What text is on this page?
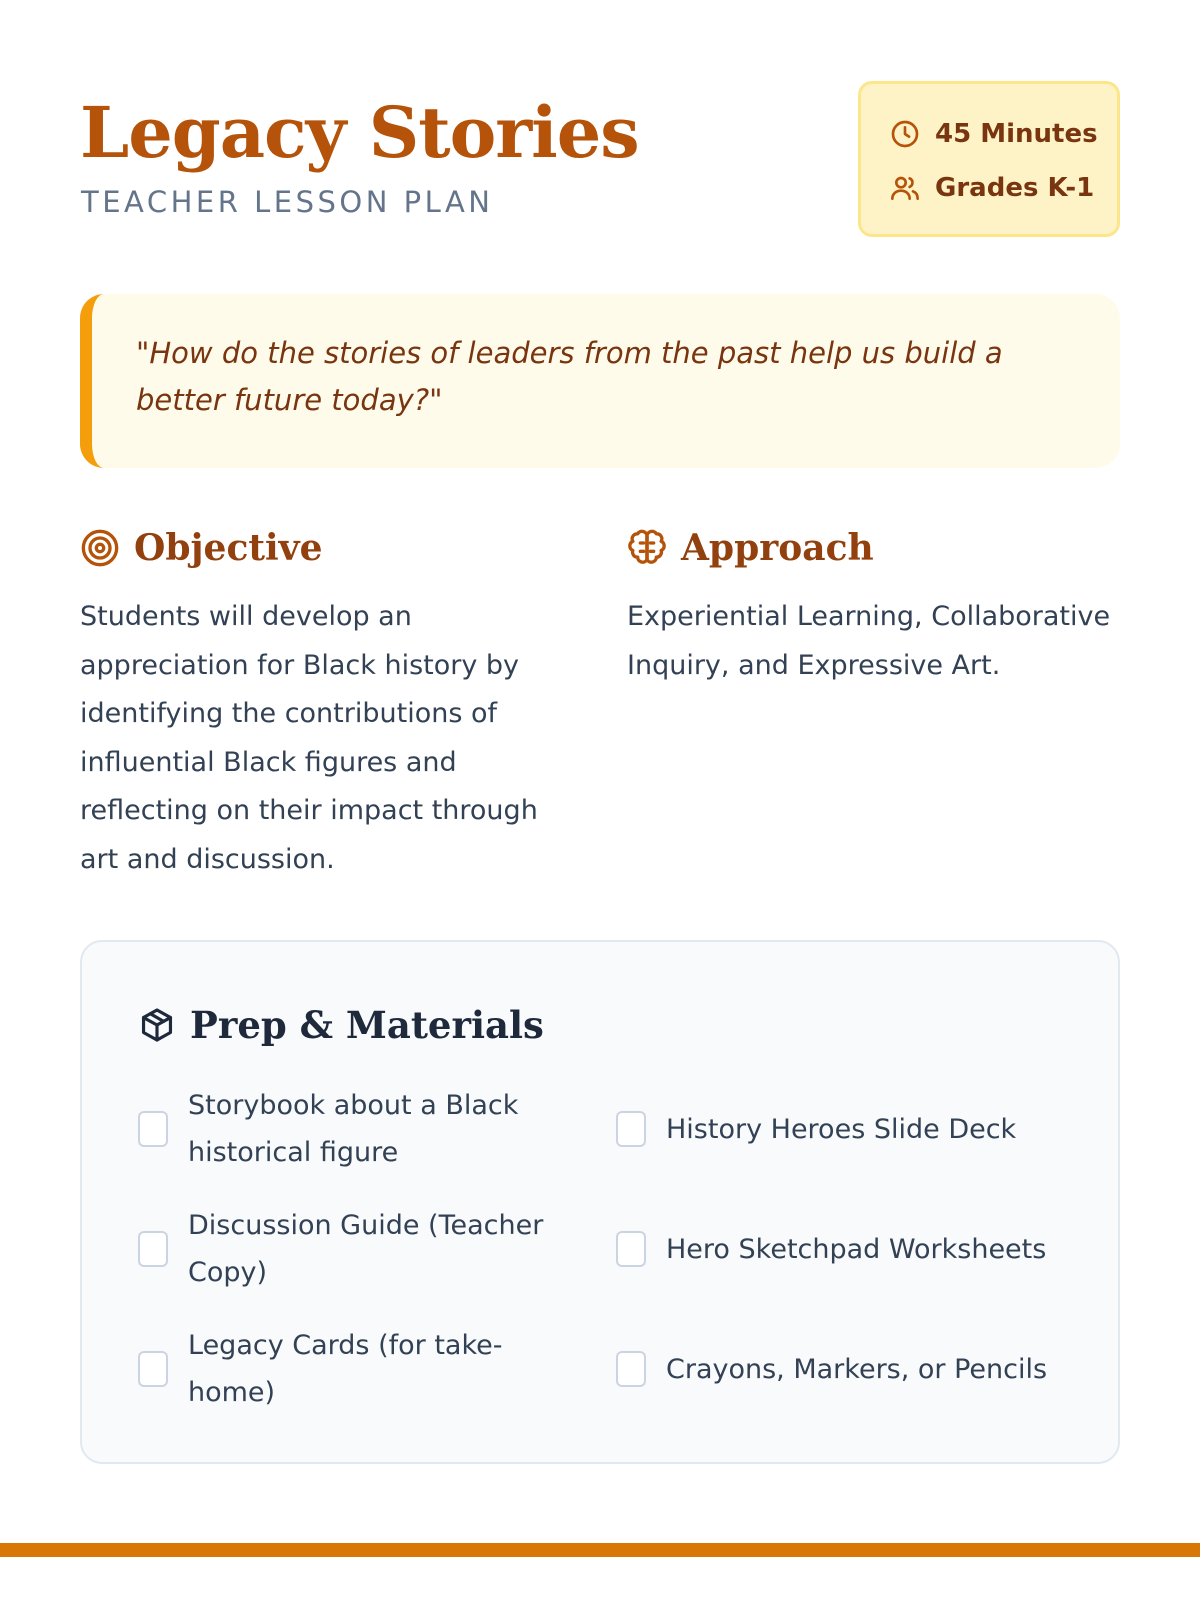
Legacy Stories
TEACHER LESSON PLAN
45 Minutes
Grades K-1
"How do the stories of leaders from the past help us build a better future today?"
Objective
Students will develop an appreciation for Black history by identifying the contributions of influential Black figures and reflecting on their impact through art and discussion.
Approach
Experiential Learning, Collaborative Inquiry, and Expressive Art.
Prep & Materials
Storybook about a Black historical figure
History Heroes Slide Deck
Discussion Guide (Teacher Copy)
Hero Sketchpad Worksheets
Legacy Cards (for take-home)
Crayons, Markers, or Pencils
